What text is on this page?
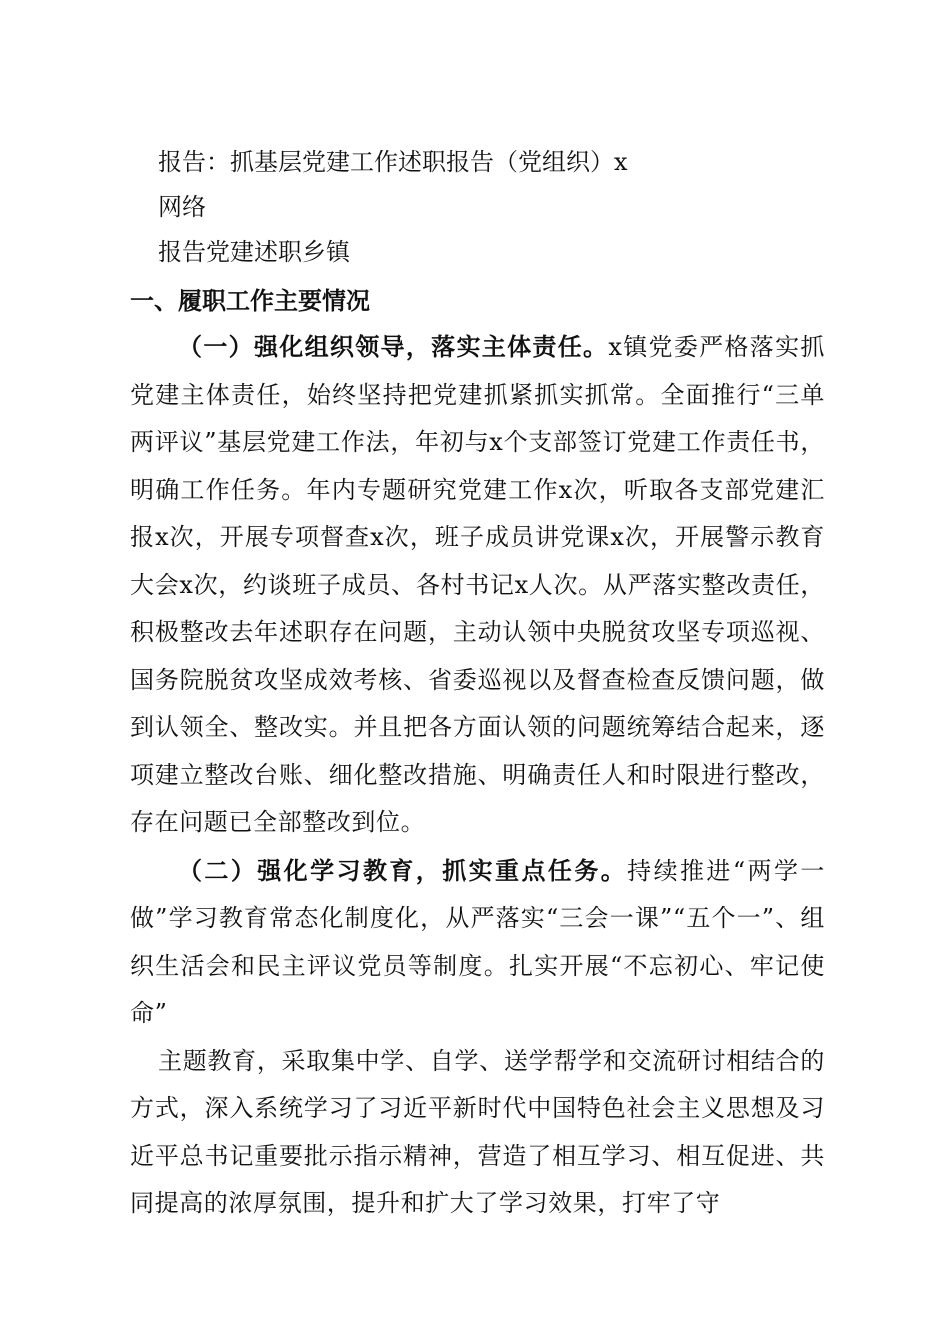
报告：抓基层党建工作述职报告（党组织）x
网络
报告党建述职乡镇
一、履职工作主要情况

（一）强化组织领导，落实主体责任。x镇党委严格落实抓党建主体责任，始终坚持把党建抓紧抓实抓常。全面推行“三单两评议”基层党建工作法，年初与x个支部签订党建工作责任书，明确工作任务。年内专题研究党建工作x次，听取各支部党建汇报x次，开展专项督查x次，班子成员讲党课x次，开展警示教育大会x次，约谈班子成员、各村书记x人次。从严落实整改责任，积极整改去年述职存在问题，主动认领中央脱贫攻坚专项巡视、国务院脱贫攻坚成效考核、省委巡视以及督查检查反馈问题，做到认领全、整改实。并且把各方面认领的问题统筹结合起来，逐项建立整改台账、细化整改措施、明确责任人和时限进行整改，存在问题已全部整改到位。

（二）强化学习教育，抓实重点任务。持续推进“两学一做”学习教育常态化制度化，从严落实“三会一课”“五个一”、组织生活会和民主评议党员等制度。扎实开展“不忘初心、牢记使命”

主题教育，采取集中学、自学、送学帮学和交流研讨相结合的方式，深入系统学习了习近平新时代中国特色社会主义思想及习近平总书记重要批示指示精神，营造了相互学习、相互促进、共同提高的浓厚氛围，提升和扩大了学习效果，打牢了守
